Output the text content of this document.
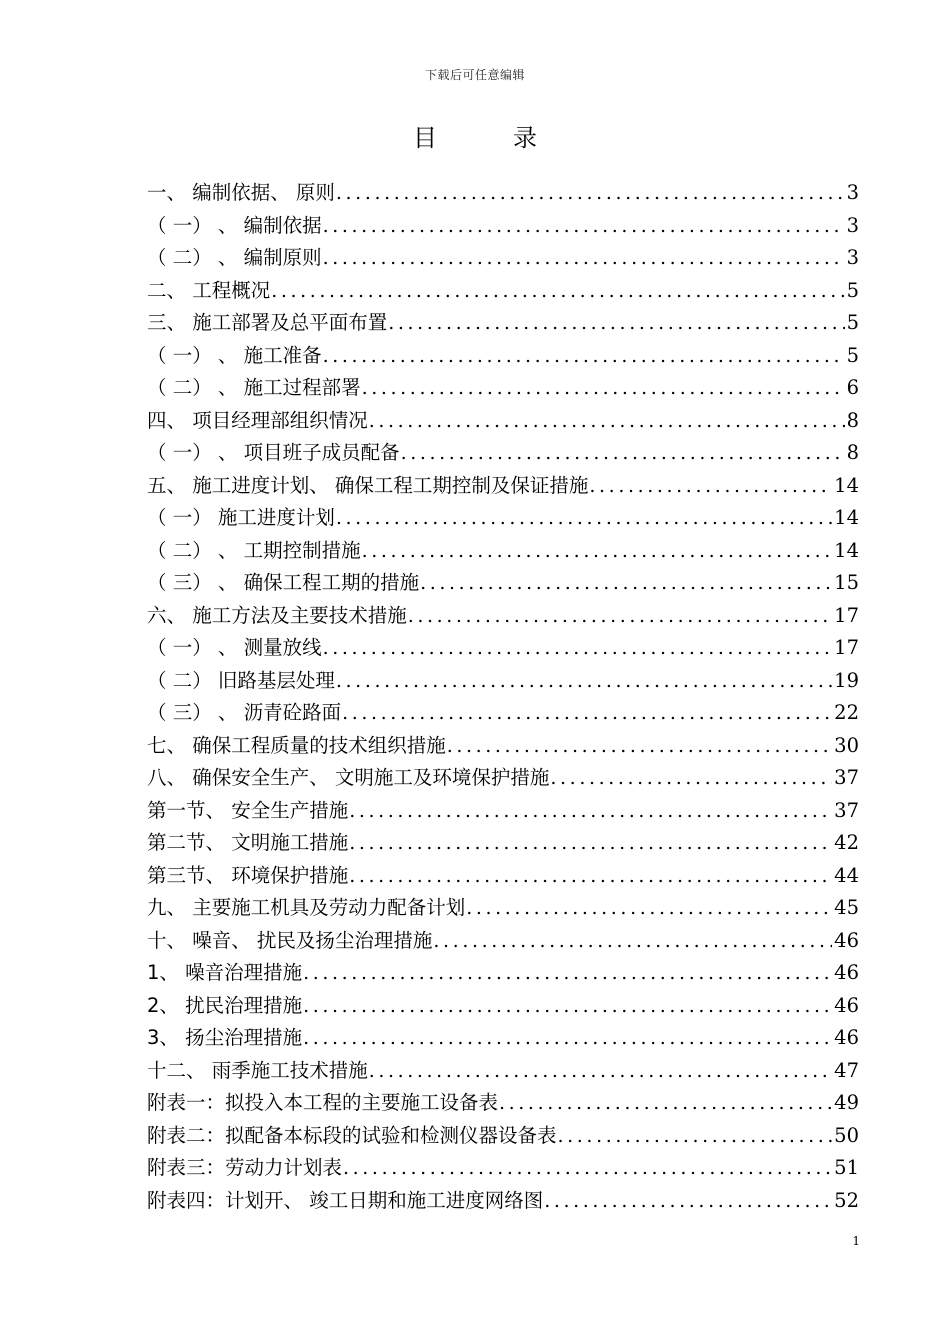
下载后可任意编辑
目录
一、 编制依据、 原则 .....	3
（ 一） 、 编制依据 .....	3
（ 二） 、 编制原则 .....	3
二、 工程概况 .....	5
三、 施工部署及总平面布置 .....	5
（ 一） 、 施工准备 .....	5
（ 二） 、 施工过程部署 .....	6
四、 项目经理部组织情况 .....	8
（ 一） 、 项目班子成员配备 .....	8
五、 施工进度计划、 确保工程工期控制及保证措施 .....	14
（ 一） 施工进度计划 .....	14
（ 二） 、 工期控制措施 .....	14
（ 三） 、 确保工程工期的措施 .....	15
六、 施工方法及主要技术措施 .....	17
（ 一） 、 测量放线 .....	17
（ 二） 旧路基层处理 .....	19
（ 三） 、 沥青砼路面 .....	22
七、 确保工程质量的技术组织措施 .....	30
八、 确保安全生产、 文明施工及环境保护措施 .....	37
第一节、 安全生产措施 .....	37
第二节、 文明施工措施 .....	42
第三节、 环境保护措施 .....	44
九、 主要施工机具及劳动力配备计划 .....	45
十、 噪音、 扰民及扬尘治理措施 .....	46
1、 噪音治理措施 .....	46
2、 扰民治理措施 .....	46
3、 扬尘治理措施 .....	46
十二、 雨季施工技术措施 .....	47
附表一：拟投入本工程的主要施工设备表 .....	49
附表二：拟配备本标段的试验和检测仪器设备表 .....	50
附表三：劳动力计划表 .....	51
附表四：计划开、 竣工日期和施工进度网络图 .....	52
1
